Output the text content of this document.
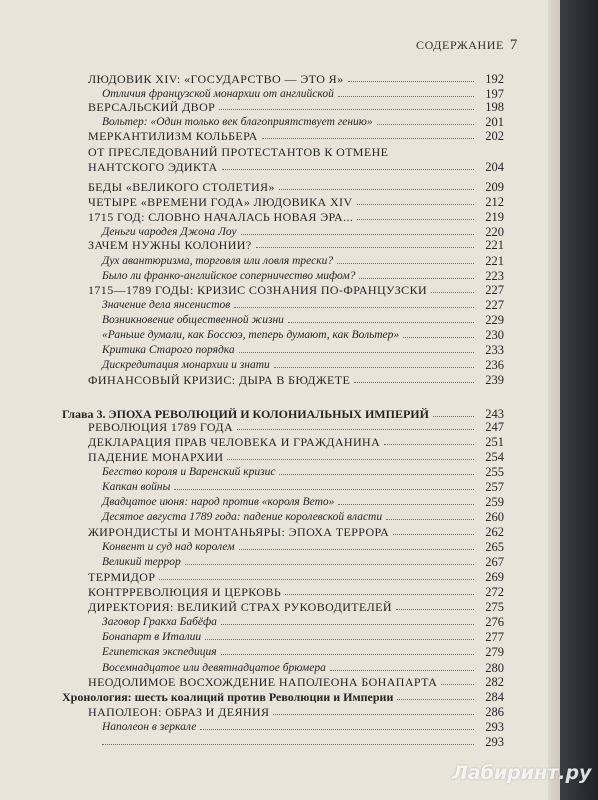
СОДЕРЖАНИЕ 7
ЛЮДОВИК XIV: «ГОСУДАРСТВО — ЭТО Я»	192
Отличия французской монархии от английской	197
ВЕРСАЛЬСКИЙ ДВОР	198
Вольтер: «Один только век благоприятствует гению»	201
МЕРКАНТИЛИЗМ КОЛЬБЕРА	202
ОТ ПРЕСЛЕДОВАНИЙ ПРОТЕСТАНТОВ К ОТМЕНЕ
НАНТСКОГО ЭДИКТА	204
БЕДЫ «ВЕЛИКОГО СТОЛЕТИЯ»	209
ЧЕТЫРЕ «ВРЕМЕНИ ГОДА» ЛЮДОВИКА XIV	212
1715 ГОД: СЛОВНО НАЧАЛАСЬ НОВАЯ ЭРА...	219
Деньги чародея Джона Лоу	220
ЗАЧЕМ НУЖНЫ КОЛОНИИ?	221
Дух авантюризма, торговля или ловля трески?	221
Было ли франко-английское соперничество мифом?	223
1715—1789 ГОДЫ: КРИЗИС СОЗНАНИЯ ПО-ФРАНЦУЗСКИ	227
Значение дела янсенистов	227
Возникновение общественной жизни	229
«Раньше думали, как Боссюэ, теперь думают, как Вольтер»	230
Критика Старого порядка	233
Дискредитация монархии и знати	236
ФИНАНСОВЫЙ КРИЗИС: ДЫРА В БЮДЖЕТЕ	239
Глава 3. ЭПОХА РЕВОЛЮЦИЙ И КОЛОНИАЛЬНЫХ ИМПЕРИЙ	243
РЕВОЛЮЦИЯ 1789 ГОДА	247
ДЕКЛАРАЦИЯ ПРАВ ЧЕЛОВЕКА И ГРАЖДАНИНА	251
ПАДЕНИЕ МОНАРХИИ	254
Бегство короля и Варенский кризис	255
Капкан войны	257
Двадцатое июня: народ против «короля Вето»	259
Десятое августа 1789 года: падение королевской власти	260
ЖИРОНДИСТЫ И МОНТАНЬЯРЫ: ЭПОХА ТЕРРОРА	262
Конвент и суд над королем	265
Великий террор	267
ТЕРМИДОР	269
КОНТРРЕВОЛЮЦИЯ И ЦЕРКОВЬ	272
ДИРЕКТОРИЯ: ВЕЛИКИЙ СТРАХ РУКОВОДИТЕЛЕЙ	275
Заговор Гракха Бабёфа	276
Бонапарт в Италии	277
Египетская экспедиция	279
Восемнадцатое или девятнадцатое брюмера	280
НЕОДОЛИМОЕ ВОСХОЖДЕНИЕ НАПОЛЕОНА БОНАПАРТА	282
Хронология: шесть коалиций против Революции и Империи	284
НАПОЛЕОН: ОБРАЗ И ДЕЯНИЯ	286
Наполеон в зеркале	293
293
Лабиринт.ру
